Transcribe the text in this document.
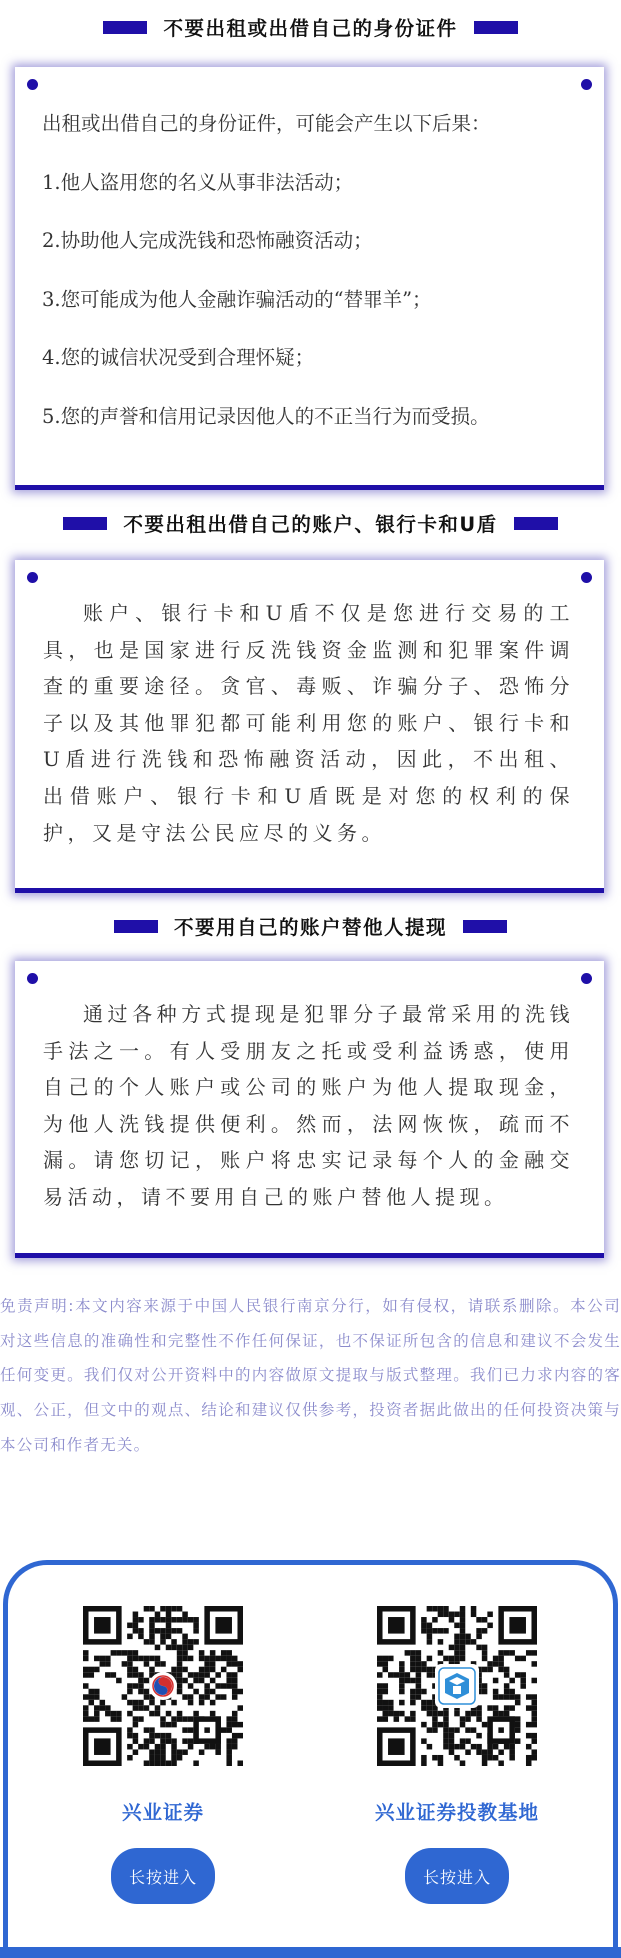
不要出租或出借自己的身份证件

出租或出借自己的身份证件，可能会产生以下后果：

1.他人盗用您的名义从事非法活动；

2.协助他人完成洗钱和恐怖融资活动；

3.您可能成为他人金融诈骗活动的“替罪羊”；

4.您的诚信状况受到合理怀疑；

5.您的声誉和信用记录因他人的不正当行为而受损。

不要出租出借自己的账户、银行卡和U盾

账户、银行卡和U盾不仅是您进行交易的工具，也是国家进行反洗钱资金监测和犯罪案件调查的重要途径。贪官、毒贩、诈骗分子、恐怖分子以及其他罪犯都可能利用您的账户、银行卡和U盾进行洗钱和恐怖融资活动，因此，不出租、出借账户、银行卡和U盾既是对您的权利的保护，又是守法公民应尽的义务。

不要用自己的账户替他人提现

通过各种方式提现是犯罪分子最常采用的洗钱手法之一。有人受朋友之托或受利益诱惑，使用自己的个人账户或公司的账户为他人提取现金，为他人洗钱提供便利。然而，法网恢恢，疏而不漏。请您切记，账户将忠实记录每个人的金融交易活动，请不要用自己的账户替他人提现。

免责声明:本文内容来源于中国人民银行南京分行，如有侵权，请联系删除。本公司对这些信息的准确性和完整性不作任何保证，也不保证所包含的信息和建议不会发生任何变更。我们仅对公开资料中的内容做原文提取与版式整理。我们已力求内容的客观、公正，但文中的观点、结论和建议仅供参考，投资者据此做出的任何投资决策与本公司和作者无关。

兴业证券	兴业证券投教基地
长按进入	长按进入
